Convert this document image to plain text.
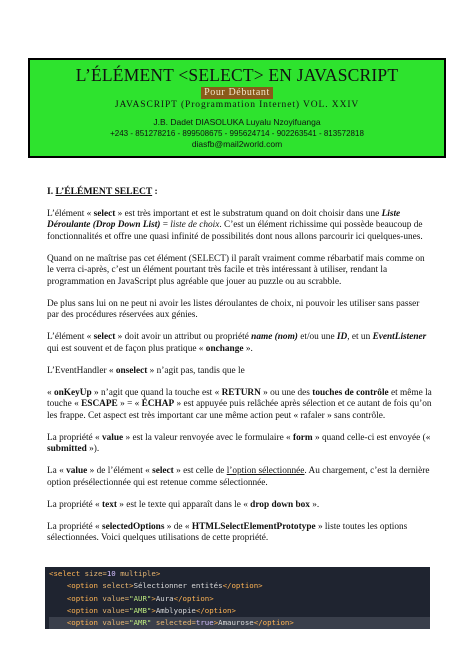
L’ÉLÉMENT <SELECT> EN JAVASCRIPT
Pour Débutant
JAVASCRIPT (Programmation Internet) VOL. XXIV
J.B. Dadet DIASOLUKA Luyalu Nzoyifuanga
+243 - 851278216 - 899508675 - 995624714 - 902263541 - 813572818
diasfb@mail2world.com
I. L’ÉLÉMENT SELECT :

L’élément « select » est très important et est le substratum quand on doit choisir dans une Liste Déroulante (Drop Down List) = liste de choix. C’est un élément richissime qui possède beaucoup de fonctionnalités et offre une quasi infinité de possibilités dont nous allons parcourir ici quelques-unes.

Quand on ne maîtrise pas cet élément (SELECT) il paraît vraiment comme rébarbatif mais comme on le verra ci-après, c’est un élément pourtant très facile et très intéressant à utiliser, rendant la programmation en JavaScript plus agréable que jouer au puzzle ou au scrabble.

De plus sans lui on ne peut ni avoir les listes déroulantes de choix, ni pouvoir les utiliser sans passer par des procédures réservées aux génies.

L’élément « select » doit avoir un attribut ou propriété name (nom) et/ou une ID, et un EventListener qui est souvent et de façon plus pratique « onchange ».

L’EventHandler « onselect » n’agit pas, tandis que le

« onKeyUp » n’agit que quand la touche est « RETURN » ou une des touches de contrôle et même la touche « ESCAPE » = « ÉCHAP » est appuyée puis relâchée après sélection et ce autant de fois qu’on les frappe. Cet aspect est très important car une même action peut « rafaler » sans contrôle.

La propriété « value » est la valeur renvoyée avec le formulaire « form » quand celle-ci est envoyée (« submitted »).

La « value » de l’élément « select » est celle de l’option sélectionnée. Au chargement, c’est la dernière option présélectionnée qui est retenue comme sélectionnée.

La propriété « text » est le texte qui apparaît dans le « drop down box ».

La propriété « selectedOptions » de « HTMLSelectElementPrototype » liste toutes les options sélectionnées. Voici quelques utilisations de cette propriété.

<select size=10 multiple>
<option select>Sélectionner entités</option>
<option value="AUR">Aura</option>
<option value="AMB">Amblyopie</option>
<option value="AMR" selected=true>Amaurose</option>
